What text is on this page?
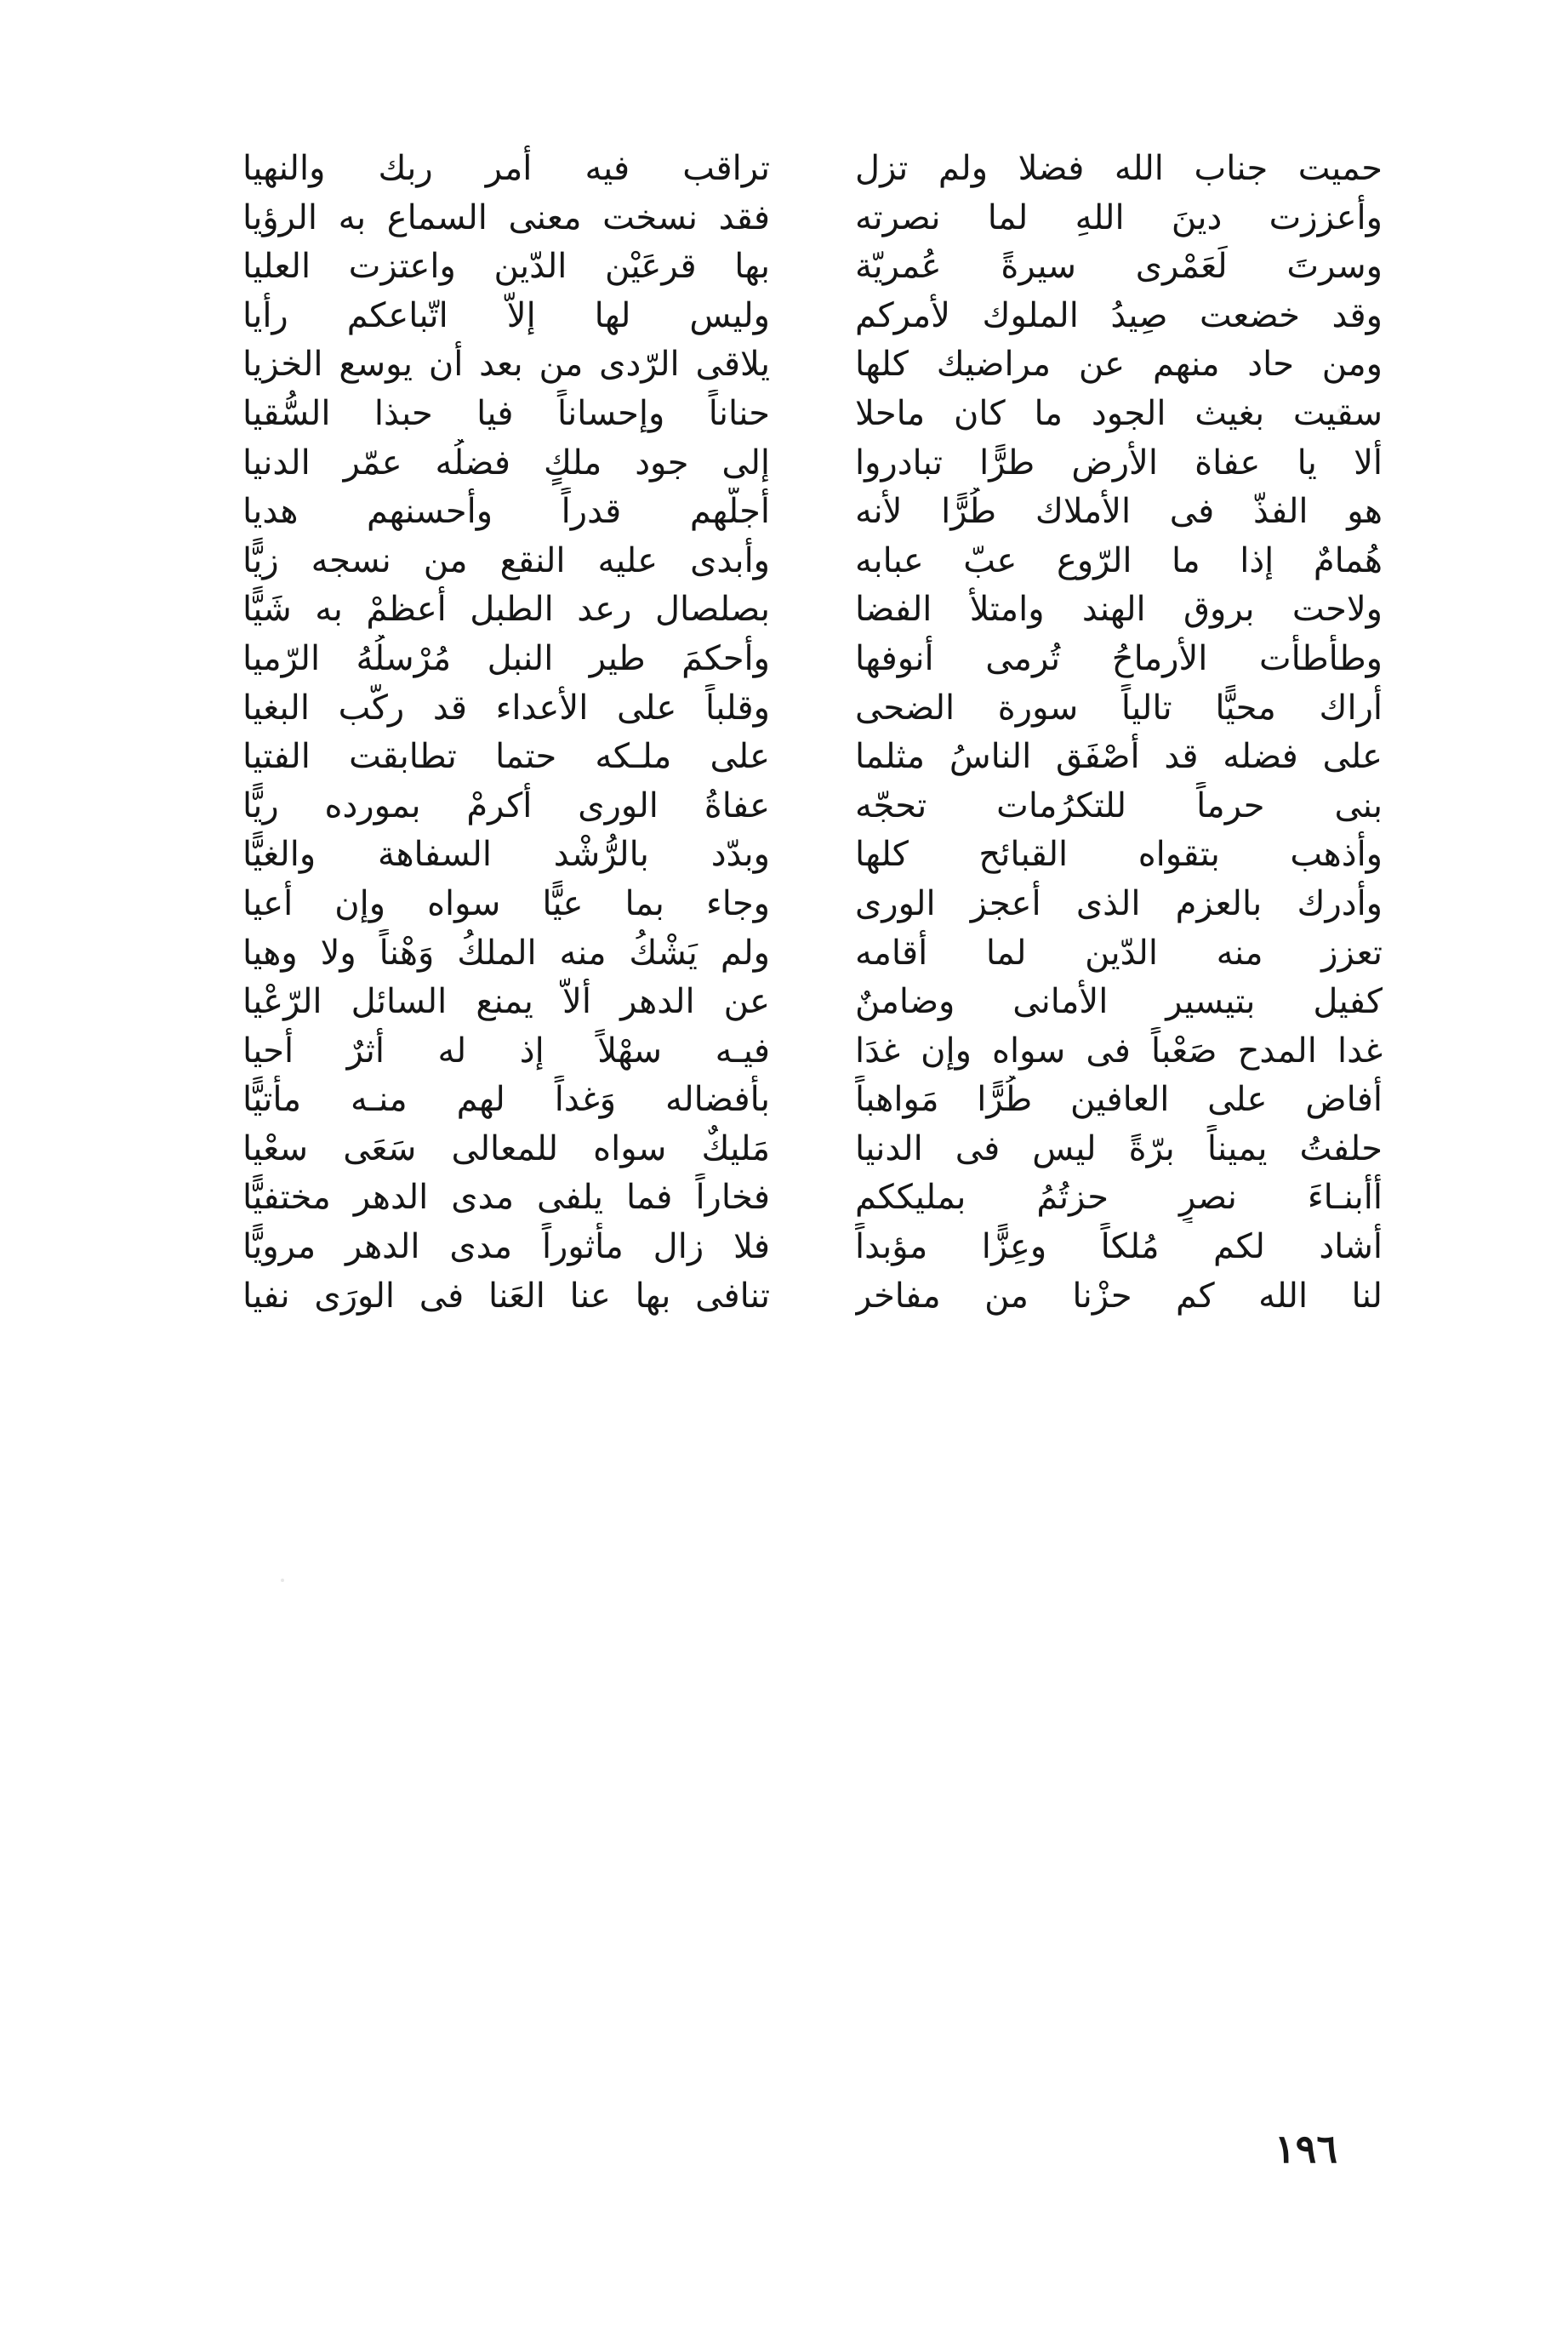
حميت جناب الله فضلا ولم تزل
وأعززت دينَ اللهِ لما نصرته
وسرتَ لَعَمْرى سيرةً عُمريّة
وقد خضعت صِيدُ الملوك لأمركم
ومن حاد منهم عن مراضيك كلها
سقيت بغيث الجود ما كان ماحلا
ألا يا عفاة الأرض طرًّا تبادروا
هو الفذّ فى الأملاك طُرًّا لأنه
هُمامٌ إذا ما الرّوع عبّ عبابه
ولاحت بروق الهند وامتلأ الفضا
وطأطأت الأرماحُ تُرمى أنوفها
أراك محيًّا تالياً سورة الضحى
على فضله قد أصْفَق الناسُ مثلما
بنى حرماً للتكرُمات تحجّه
وأذهب بتقواه القبائح كلها
وأدرك بالعزم الذى أعجز الورى
تعزز منه الدّين لما أقامه
كفيل بتيسير الأمانى وضامنٌ
غدا المدح صَعْباً فى سواه وإن غدَا
أفاض على العافين طُرًّا مَواهباً
حلفتُ يميناً برّةً ليس فى الدنيا
أأبنـاءَ نصرٍ حزتُمُ بمليككم
أشاد لكم مُلكاً وعِزًّا مؤبداً
لنا الله كم حزْنا من مفاخر
تراقب فيه أمر ربك والنهيا
فقد نسخت معنى السماع به الرؤيا
بها قرعَيْن الدّين واعتزت العليا
وليس لها إلاّ اتّباعكم رأيا
يلاقى الرّدى من بعد أن يوسع الخزيا
حناناً وإحساناً فيا حبذا السُّقيا
إلى جود ملكٍ فضلُه عمّر الدنيا
أجلّهم قدراً وأحسنهم هديا
وأبدى عليه النقع من نسجه زيًّا
بصلصال رعد الطبل أعظمْ به شَيًّا
وأحكمَ طير النبل مُرْسلُهُ الرّميا
وقلباً على الأعداء قد ركّب البغيا
على ملـكه حتما تطابقت الفتيا
عفاةُ الورى أكرمْ بمورده ريًّا
وبدّد بالرُّشْد السفاهة والغيًّا
وجاء بما عيًّا سواه وإن أعيا
ولم يَشْكُ منه الملكُ وَهْناً ولا وهيا
عن الدهر ألاّ يمنع السائل الرّعْيا
فيـه سهْلاً إذ له أثرٌ أحيا
بأفضاله وَغداً لهم منـه مأتيًّا
مَليكٌ سواه للمعالى سَعَى سعْيا
فخاراً فما يلفى مدى الدهر مختفيًّا
فلا زال مأثوراً مدى الدهر مرويًّا
تنافى بها عنا العَنا فى الورَى نفيا
١٩٦
